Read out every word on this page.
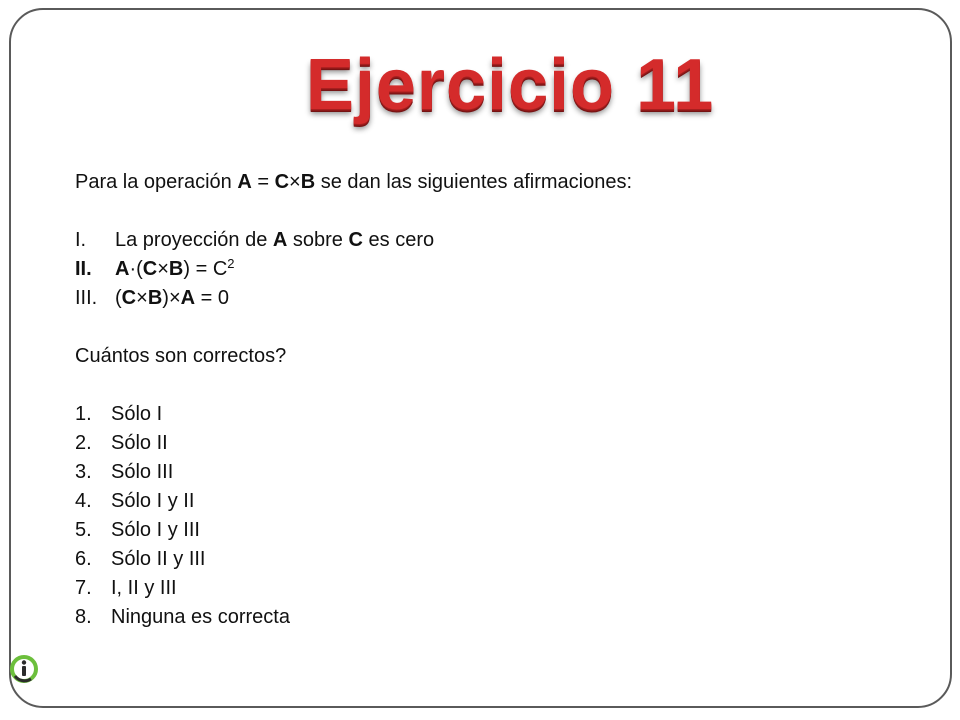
Ejercicio 11
Para la operación A = C×B se dan las siguientes afirmaciones:
I. La proyección de A sobre C es cero
II. $A\cdot(C\times B) = C^2$
III. (C×B)×A = 0
Cuántos son correctos?
1. Sólo I
2. Sólo II
3. Sólo III
4. Sólo I y II
5. Sólo I y III
6. Sólo II y III
7. I, II y III
8. Ninguna es correcta
